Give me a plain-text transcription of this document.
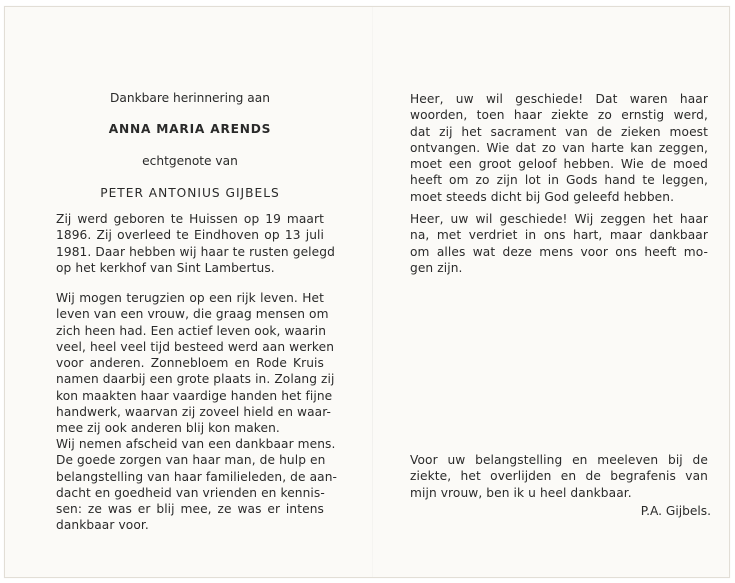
Dankbare herinnering aan
ANNA MARIA ARENDS
echtgenote van
PETER ANTONIUS GIJBELS
Zij werd geboren te Huissen op 19 maart
1896. Zij overleed te Eindhoven op 13 juli
1981. Daar hebben wij haar te rusten gelegd
op het kerkhof van Sint Lambertus.
Wij mogen terugzien op een rijk leven. Het
leven van een vrouw, die graag mensen om
zich heen had. Een actief leven ook, waarin
veel, heel veel tijd besteed werd aan werken
voor anderen. Zonnebloem en Rode Kruis
namen daarbij een grote plaats in. Zolang zij
kon maakten haar vaardige handen het fijne
handwerk, waarvan zij zoveel hield en waar-
mee zij ook anderen blij kon maken.
Wij nemen afscheid van een dankbaar mens.
De goede zorgen van haar man, de hulp en
belangstelling van haar familieleden, de aan-
dacht en goedheid van vrienden en kennis-
sen: ze was er blij mee, ze was er intens
dankbaar voor.
Heer, uw wil geschiede! Dat waren haar
woorden, toen haar ziekte zo ernstig werd,
dat zij het sacrament van de zieken moest
ontvangen. Wie dat zo van harte kan zeggen,
moet een groot geloof hebben. Wie de moed
heeft om zo zijn lot in Gods hand te leggen,
moet steeds dicht bij God geleefd hebben.
Heer, uw wil geschiede! Wij zeggen het haar
na, met verdriet in ons hart, maar dankbaar
om alles wat deze mens voor ons heeft mo-
gen zijn.
Voor uw belangstelling en meeleven bij de
ziekte, het overlijden en de begrafenis van
mijn vrouw, ben ik u heel dankbaar.
P.A. Gijbels.
